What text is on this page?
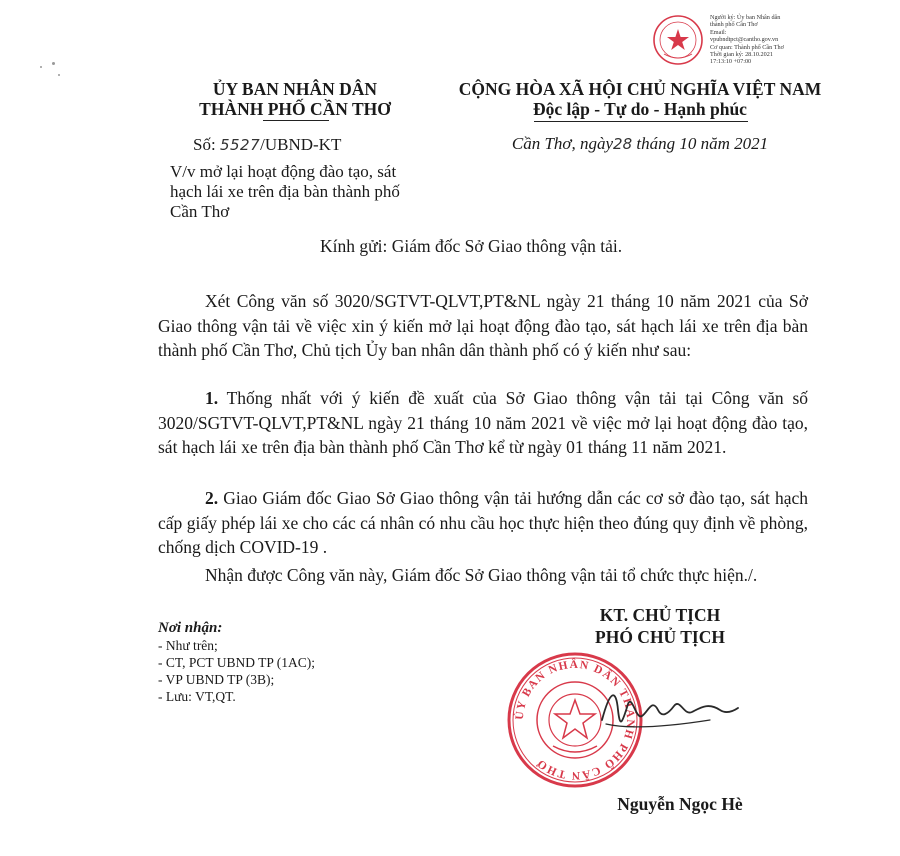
Người ký: Ủy ban Nhân dân
thành phố Cần Thơ
Email:
vpubndtpct@cantho.gov.vn
Cơ quan: Thành phố Cần Thơ
Thời gian ký: 28.10.2021
17:13:10 +07:00
ỦY BAN NHÂN DÂN
THÀNH PHỐ CẦN THƠ
Số: 5527/UBND-KT
V/v mở lại hoạt động đào tạo, sát hạch lái xe trên địa bàn thành phố Cần Thơ
CỘNG HÒA XÃ HỘI CHỦ NGHĨA VIỆT NAM
Độc lập - Tự do - Hạnh phúc
Cần Thơ, ngày28 tháng 10 năm 2021
Kính gửi: Giám đốc Sở Giao thông vận tải.
Xét Công văn số 3020/SGTVT-QLVT,PT&NL ngày 21 tháng 10 năm 2021 của Sở Giao thông vận tải về việc xin ý kiến mở lại hoạt động đào tạo, sát hạch lái xe trên địa bàn thành phố Cần Thơ, Chủ tịch Ủy ban nhân dân thành phố có ý kiến như sau:
1. Thống nhất với ý kiến đề xuất của Sở Giao thông vận tải tại Công văn số 3020/SGTVT-QLVT,PT&NL ngày 21 tháng 10 năm 2021 về việc mở lại hoạt động đào tạo, sát hạch lái xe trên địa bàn thành phố Cần Thơ kể từ ngày 01 tháng 11 năm 2021.
2. Giao Giám đốc Giao Sở Giao thông vận tải hướng dẫn các cơ sở đào tạo, sát hạch cấp giấy phép lái xe cho các cá nhân có nhu cầu học thực hiện theo đúng quy định về phòng, chống dịch COVID-19 .
Nhận được Công văn này, Giám đốc Sở Giao thông vận tải tổ chức thực hiện./.
Nơi nhận:
- Như trên;
- CT, PCT UBND TP (1AC);
- VP UBND TP (3B);
- Lưu: VT,QT.
KT. CHỦ TỊCH
PHÓ CHỦ TỊCH
ỦY BAN NHÂN DÂN THÀNH PHỐ CẦN THƠ
Nguyễn Ngọc Hè
